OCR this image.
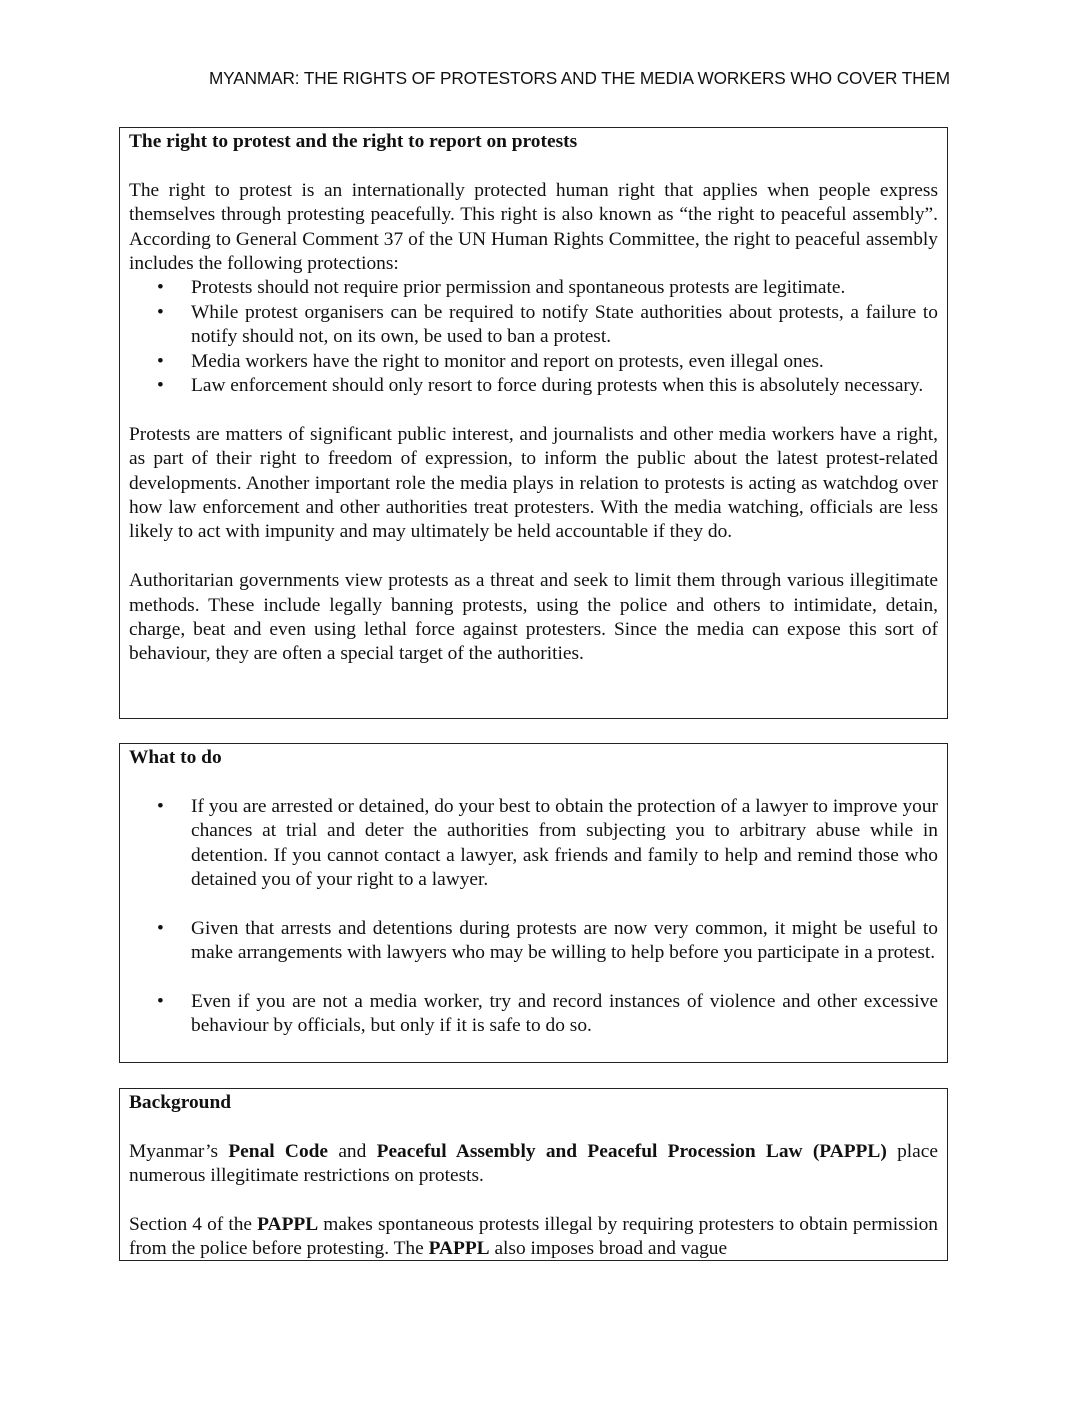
MYANMAR: THE RIGHTS OF PROTESTORS AND THE MEDIA WORKERS WHO COVER THEM

The right to protest and the right to report on protests

The right to protest is an internationally protected human right that applies when people express themselves through protesting peacefully. This right is also known as “the right to peaceful assembly”. According to General Comment 37 of the UN Human Rights Committee, the right to peaceful assembly includes the following protections:

• Protests should not require prior permission and spontaneous protests are legitimate.
• While protest organisers can be required to notify State authorities about protests, a failure to notify should not, on its own, be used to ban a protest.
• Media workers have the right to monitor and report on protests, even illegal ones.
• Law enforcement should only resort to force during protests when this is absolutely necessary.

Protests are matters of significant public interest, and journalists and other media workers have a right, as part of their right to freedom of expression, to inform the public about the latest protest-related developments. Another important role the media plays in relation to protests is acting as watchdog over how law enforcement and other authorities treat protesters. With the media watching, officials are less likely to act with impunity and may ultimately be held accountable if they do.

Authoritarian governments view protests as a threat and seek to limit them through various illegitimate methods. These include legally banning protests, using the police and others to intimidate, detain, charge, beat and even using lethal force against protesters. Since the media can expose this sort of behaviour, they are often a special target of the authorities.

What to do

• If you are arrested or detained, do your best to obtain the protection of a lawyer to improve your chances at trial and deter the authorities from subjecting you to arbitrary abuse while in detention. If you cannot contact a lawyer, ask friends and family to help and remind those who detained you of your right to a lawyer.
• Given that arrests and detentions during protests are now very common, it might be useful to make arrangements with lawyers who may be willing to help before you participate in a protest.
• Even if you are not a media worker, try and record instances of violence and other excessive behaviour by officials, but only if it is safe to do so.

Background

Myanmar’s Penal Code and Peaceful Assembly and Peaceful Procession Law (PAPPL) place numerous illegitimate restrictions on protests.

Section 4 of the PAPPL makes spontaneous protests illegal by requiring protesters to obtain permission from the police before protesting. The PAPPL also imposes broad and vague
